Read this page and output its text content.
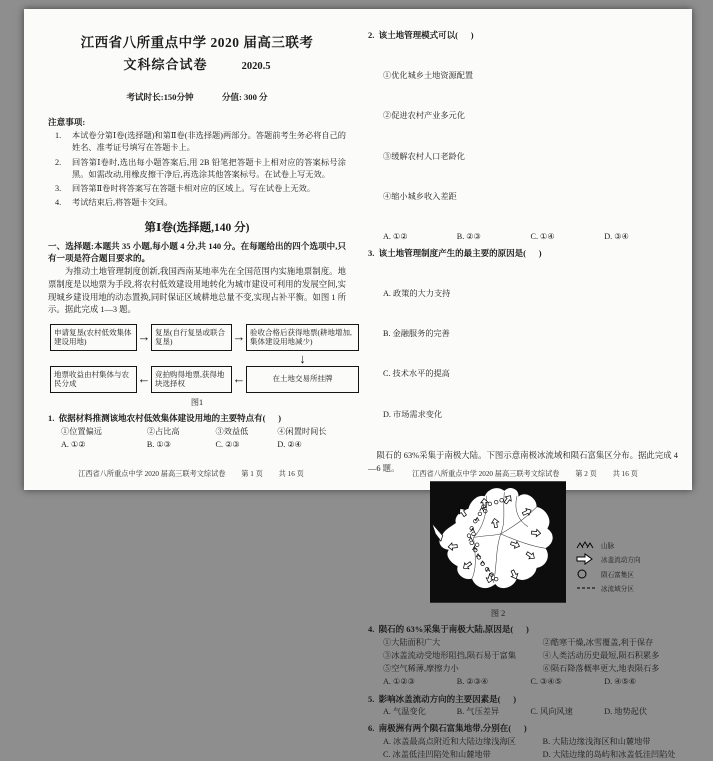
江西省八所重点中学 2020 届高三联考
文科综合试卷	2020.5
考试时长:150分钟	分值: 300 分
注意事项:
1.	本试卷分第Ⅰ卷(选择题)和第Ⅱ卷(非选择题)两部分。答题前考生务必将自己的姓名、准考证号填写在答题卡上。
2.	回答第Ⅰ卷时,选出每小题答案后,用 2B 铅笔把答题卡上相对应的答案标号涂黑。如需改动,用橡皮擦干净后,再选涂其他答案标号。在试卷上写无效。
3.	回答第Ⅱ卷时将答案写在答题卡相对应的区域上。写在试卷上无效。
4.	考试结束后,将答题卡交回。
第Ⅰ卷(选择题,140 分)
一、选择题:本题共 35 小题,每小题 4 分,共 140 分。在每题给出的四个选项中,只有一项是符合题目要求的。
为推动土地管理制度创新,我国西南某地率先在全国范围内实施地票制度。地票制度是以地票为手段,将农村低效建设用地转化为城市建设可利用的发展空间,实现城乡建设用地的动态置换,同时保证区域耕地总量不变,实现占补平衡。如图 1 所示。据此完成 1—3 题。
申请复垦(农村低效集体建设用地)	→ 复垦(自行复垦或联合复垦)	→ 验收合格后获得地票(耕地增加,集体建设用地减少)
↓
地票收益由村集体与农民分成	← 竞拍购得地票,获得地块选择权	←	在土地交易所挂牌
图1
1.  依据材料推测该地农村低效集体建设用地的主要特点有(      )
①位置偏远	②占比高	③效益低	④闲置时间长
A. ①②	B. ①③	C. ②③	D. ②④
江西省八所重点中学 2020 届高三联考文综试卷 第 1 页 共 16 页
2.  该土地管理模式可以(      )

①优化城乡土地资源配置

②促进农村产业多元化

③缓解农村人口老龄化

④缩小城乡收入差距

A. ①②	B. ②③	C. ①④	D. ③④
3.  该土地管理制度产生的最主要的原因是(      )

A. 政策的大力支持

B. 金融服务的完善

C. 技术水平的提高

D. 市场需求变化

陨石的 63%采集于南极大陆。下图示意南极冰流域和陨石富集区分布。据此完成 4—6 题。
图 2
山脉
冰盖流动方向
陨石富集区
冰流域分区
4.  陨石的 63%采集于南极大陆,原因是(      )
①大陆面积广大	②酷寒干燥,冰雪覆盖,利于保存
③冰盖流动受地形阻挡,陨石易于富集	④人类活动历史最短,陨石积累多
⑤空气稀薄,摩擦力小	⑥陨石降落概率更大,地表陨石多
A. ①②③	B. ②③④	C. ③④⑤	D. ④⑤⑥
5.  影响冰盖流动方向的主要因素是(      )
A. 气温变化	B. 气压差异	C. 风向风速	D. 地势起伏
6.  南极洲有两个陨石富集地带,分别在(      )
A. 冰盖最高点附近和大陆边缘浅海区	B. 大陆边缘浅海区和山麓地带
C. 冰盖低洼凹陷处和山麓地带	D. 大陆边缘的岛屿和冰盖低洼凹陷处
江西省八所重点中学 2020 届高三联考文综试卷 第 2 页 共 16 页
